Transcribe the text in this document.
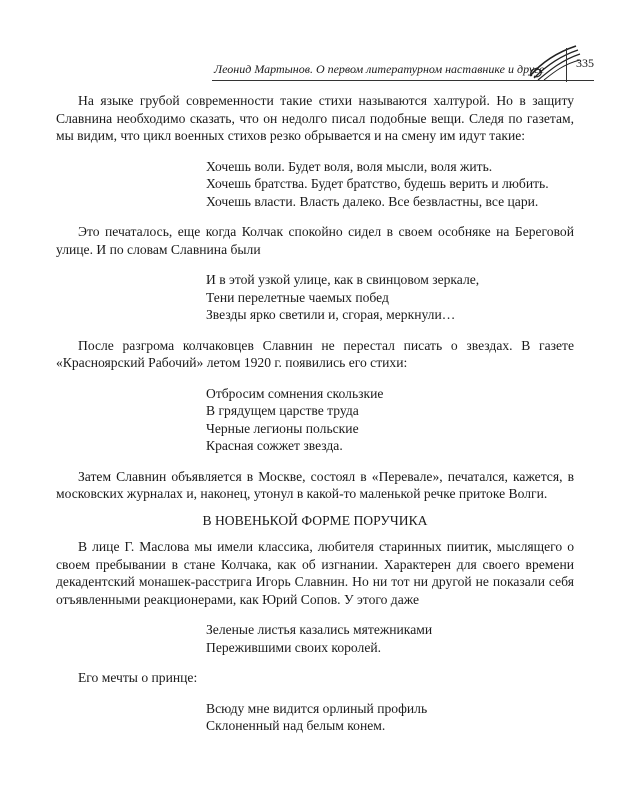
Леонид Мартынов. О первом литературном наставнике и друге	335

На языке грубой современности такие стихи называются халтурой. Но в защиту Славнина необходимо сказать, что он недолго писал подобные вещи. Следя по газетам, мы видим, что цикл военных стихов резко обрывается и на смену им идут такие:

Хочешь воли. Будет воля, воля мысли, воля жить.
Хочешь братства. Будет братство, будешь верить и любить.
Хочешь власти. Власть далеко. Все безвластны, все цари.

Это печаталось, еще когда Колчак спокойно сидел в своем особняке на Береговой улице. И по словам Славнина были

И в этой узкой улице, как в свинцовом зеркале,
Тени перелетные чаемых побед
Звезды ярко светили и, сгорая, меркнули…

После разгрома колчаковцев Славнин не перестал писать о звездах. В газете «Красноярский Рабочий» летом 1920 г. появились его стихи:

Отбросим сомнения скользкие
В грядущем царстве труда
Черные легионы польские
Красная сожжет звезда.

Затем Славнин объявляется в Москве, состоял в «Перевале», печатался, кажется, в московских журналах и, наконец, утонул в какой-то маленькой речке притоке Волги.

В НОВЕНЬКОЙ ФОРМЕ ПОРУЧИКА

В лице Г. Маслова мы имели классика, любителя старинных пиитик, мыслящего о своем пребывании в стане Колчака, как об изгнании. Характерен для своего времени декадентский монашек-расстрига Игорь Славнин. Но ни тот ни другой не показали себя отъявленными реакционерами, как Юрий Сопов. У этого даже

Зеленые листья казались мятежниками
Пережившими своих королей.

Его мечты о принце:

Всюду мне видится орлиный профиль
Склоненный над белым конем.
